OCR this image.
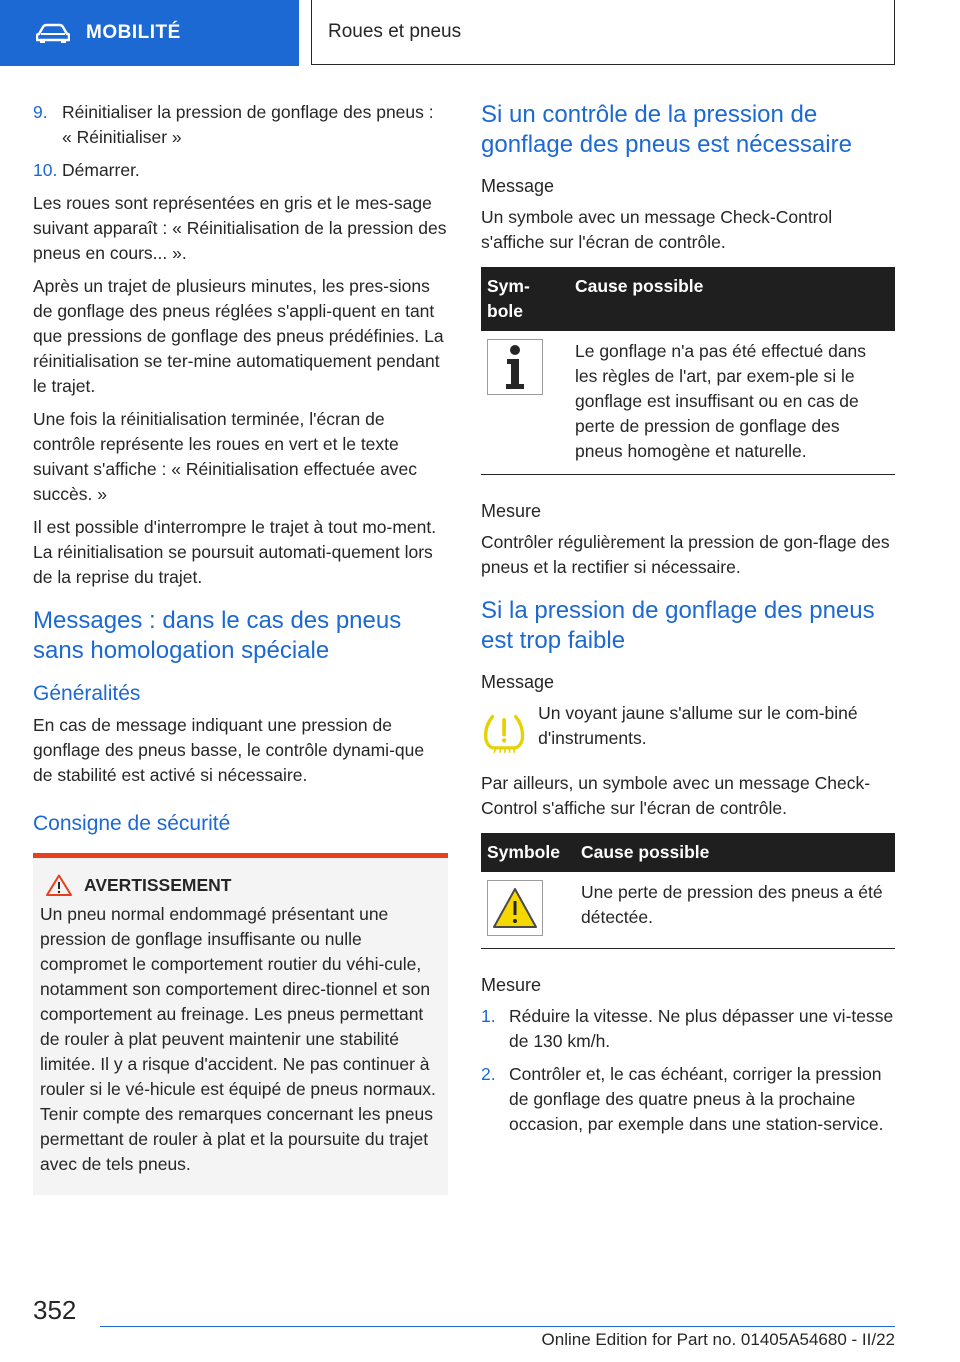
MOBILITÉ	Roues et pneus
9. Réinitialiser la pression de gonflage des pneus : « Réinitialiser »
10. Démarrer.

Les roues sont représentées en gris et le mes-sage suivant apparaît : « Réinitialisation de la pression des pneus en cours... ».

Après un trajet de plusieurs minutes, les pres-sions de gonflage des pneus réglées s'appli-quent en tant que pressions de gonflage des pneus prédéfinies. La réinitialisation se ter-mine automatiquement pendant le trajet.

Une fois la réinitialisation terminée, l'écran de contrôle représente les roues en vert et le texte suivant s'affiche : « Réinitialisation effectuée avec succès. »

Il est possible d'interrompre le trajet à tout mo-ment. La réinitialisation se poursuit automati-quement lors de la reprise du trajet.

Messages : dans le cas des pneus sans homologation spéciale
Généralités

En cas de message indiquant une pression de gonflage des pneus basse, le contrôle dynami-que de stabilité est activé si nécessaire.

Consigne de sécurité
AVERTISSEMENT

Un pneu normal endommagé présentant une pression de gonflage insuffisante ou nulle compromet le comportement routier du véhi-cule, notamment son comportement direc-tionnel et son comportement au freinage. Les pneus permettant de rouler à plat peuvent maintenir une stabilité limitée. Il y a risque d'accident. Ne pas continuer à rouler si le vé-hicule est équipé de pneus normaux. Tenir compte des remarques concernant les pneus permettant de rouler à plat et la poursuite du trajet avec de tels pneus.

Si un contrôle de la pression de gonflage des pneus est nécessaire
Message

Un symbole avec un message Check-Control s'affiche sur l'écran de contrôle.

Sym-bole	Cause possible

	Le gonflage n'a pas été effectué dans les règles de l'art, par exem-ple si le gonflage est insuffisant ou en cas de perte de pression de gonflage des pneus homogène et naturelle.
Mesure

Contrôler régulièrement la pression de gon-flage des pneus et la rectifier si nécessaire.

Si la pression de gonflage des pneus est trop faible
Message

Un voyant jaune s'allume sur le com-biné d'instruments.

Par ailleurs, un symbole avec un message Check-Control s'affiche sur l'écran de contrôle.

Symbole	Cause possible

	Une perte de pression des pneus a été détectée.
Mesure
1. Réduire la vitesse. Ne plus dépasser une vi-tesse de 130 km/h.
2. Contrôler et, le cas échéant, corriger la pression de gonflage des quatre pneus à la prochaine occasion, par exemple dans une station-service.
352
Online Edition for Part no. 01405A54680 - II/22
